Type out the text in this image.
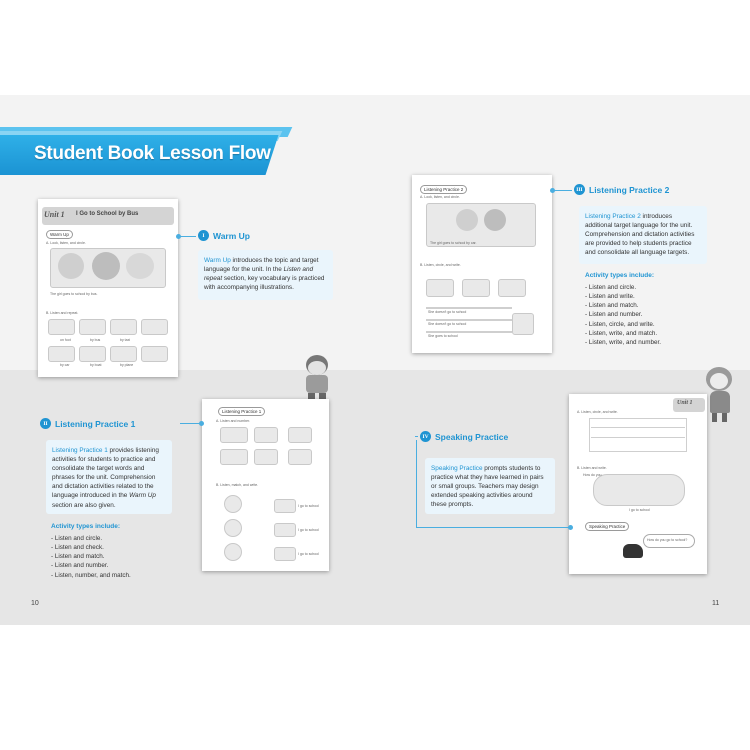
Student Book Lesson Flow
Unit 1 I Go to School by Bus
Warm Up
A. Look, listen, and circle.
The girl goes to school by bus.
B. Listen and repeat.
on foot	by bus	by taxi
by car	by boat	by plane
I Warm Up
Warm Up introduces the topic and target language for the unit. In the Listen and repeat section, key vocabulary is practiced with accompanying illustrations.
Listening Practice 2
A. Look, listen, and circle.
The girl goes to school by car.
B. Listen, circle, and write.
She doesn't go to school
She doesn't go to school
She goes to school
III Listening Practice 2
Listening Practice 2 introduces additional target language for the unit. Comprehension and dictation activities are provided to help students practice and consolidate all language targets.
Activity types include:
- Listen and circle.
- Listen and write.
- Listen and match.
- Listen and number.
- Listen, circle, and write.
- Listen, write, and match.
- Listen, write, and number.
Listening Practice 1
A. Listen and number.
B. Listen, match, and write.
I go to school
I go to school
I go to school
II Listening Practice 1
Listening Practice 1 provides listening activities for students to practice and consolidate the target words and phrases for the unit. Comprehension and dictation activities related to the language introduced in the Warm Up section are also given.
Activity types include:
- Listen and circle.
- Listen and check.
- Listen and match.
- Listen and number.
- Listen, number, and match.
Unit 1
A. Listen, circle, and write.
B. Listen and write.
How do you
I go to school
Speaking Practice
How do you go to school?
IV Speaking Practice
Speaking Practice prompts students to practice what they have learned in pairs or small groups. Teachers may design extended speaking activities around these prompts.
10	11
